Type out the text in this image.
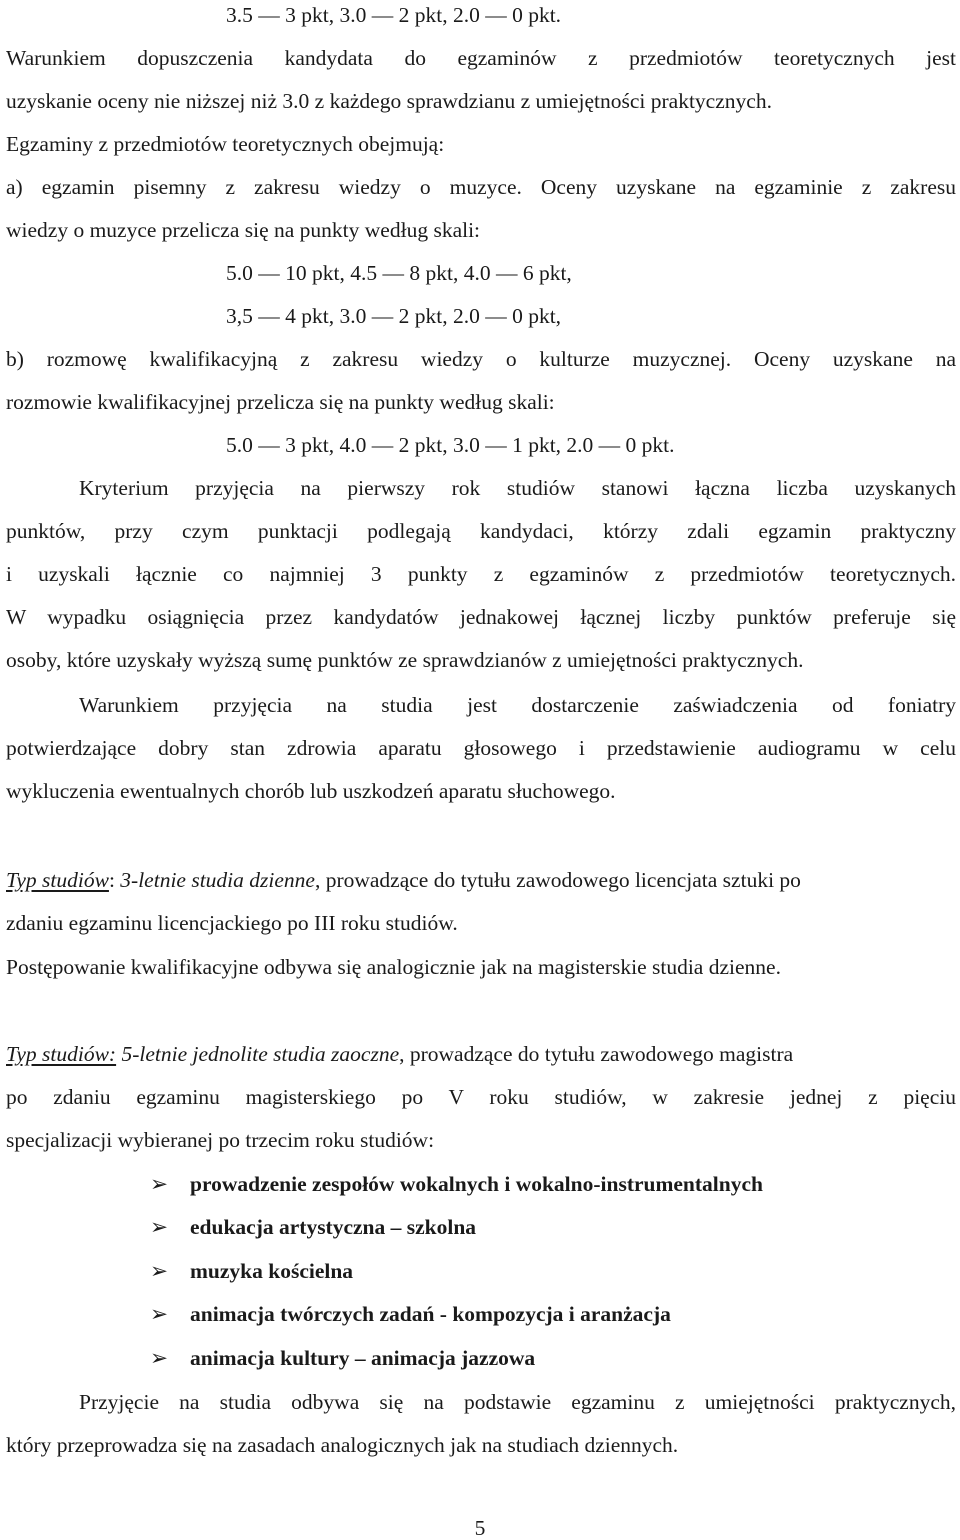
3.5 — 3 pkt, 3.0 — 2 pkt, 2.0 — 0 pkt.
Warunkiem dopuszczenia kandydata do egzaminów z przedmiotów teoretycznych jest
uzyskanie oceny nie niższej niż 3.0 z każdego sprawdzianu z umiejętności praktycznych.
Egzaminy z przedmiotów teoretycznych obejmują:
a) egzamin pisemny z zakresu wiedzy o muzyce. Oceny uzyskane na egzaminie z zakresu
wiedzy o muzyce przelicza się na punkty według skali:
5.0 — 10 pkt, 4.5 — 8 pkt, 4.0 — 6 pkt,
3,5 — 4 pkt, 3.0 — 2 pkt, 2.0 — 0 pkt,
b) rozmowę kwalifikacyjną z zakresu wiedzy o kulturze muzycznej. Oceny uzyskane na
rozmowie kwalifikacyjnej przelicza się na punkty według skali:
5.0 — 3 pkt, 4.0 — 2 pkt, 3.0 — 1 pkt, 2.0 — 0 pkt.
Kryterium przyjęcia na pierwszy rok studiów stanowi łączna liczba uzyskanych
punktów, przy czym punktacji podlegają kandydaci, którzy zdali egzamin praktyczny
i uzyskali łącznie co najmniej 3 punkty z egzaminów z przedmiotów teoretycznych.
W wypadku osiągnięcia przez kandydatów jednakowej łącznej liczby punktów preferuje się
osoby, które uzyskały wyższą sumę punktów ze sprawdzianów z umiejętności praktycznych.
Warunkiem przyjęcia na studia jest dostarczenie zaświadczenia od foniatry
potwierdzające dobry stan zdrowia aparatu głosowego i przedstawienie audiogramu w celu
wykluczenia ewentualnych chorób lub uszkodzeń aparatu słuchowego.
Typ studiów: 3-letnie studia dzienne, prowadzące do tytułu zawodowego licencjata sztuki po
zdaniu egzaminu licencjackiego po III roku studiów.
Postępowanie kwalifikacyjne odbywa się analogicznie jak na magisterskie studia dzienne.
Typ studiów: 5-letnie jednolite studia zaoczne, prowadzące do tytułu zawodowego magistra
po zdaniu egzaminu magisterskiego po V roku studiów, w zakresie jednej z pięciu
specjalizacji wybieranej po trzecim roku studiów:
➢ prowadzenie zespołów wokalnych i wokalno-instrumentalnych
➢ edukacja artystyczna – szkolna
➢ muzyka kościelna
➢ animacja twórczych zadań - kompozycja i aranżacja
➢ animacja kultury – animacja jazzowa
Przyjęcie na studia odbywa się na podstawie egzaminu z umiejętności praktycznych,
który przeprowadza się na zasadach analogicznych jak na studiach dziennych.
5
